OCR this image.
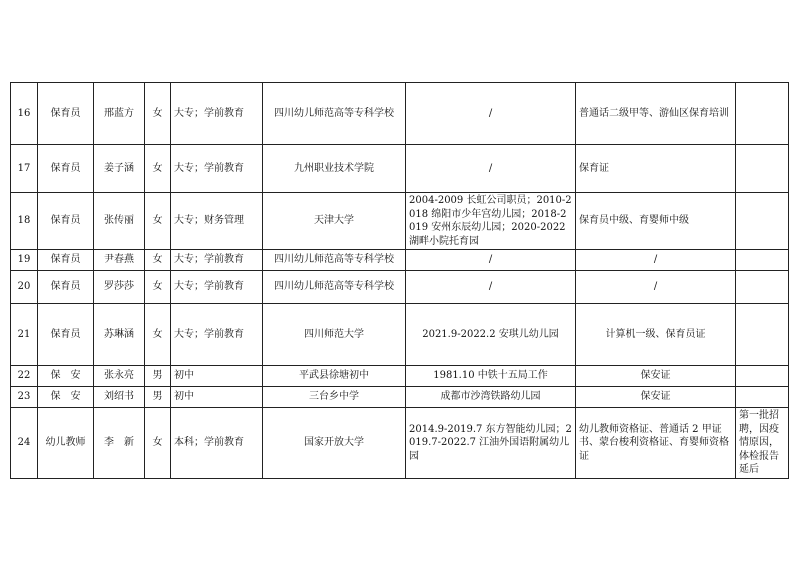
16	保育员	邢蓝方	女	大专；学前教育	四川幼儿师范高等专科学校	/	普通话二级甲等、游仙区保育培训	
17	保育员	姜子涵	女	大专；学前教育	九州职业技术学院	/	保育证	
18	保育员	张传丽	女	大专；财务管理	天津大学	2004-2009 长虹公司职员；2010-2018 绵阳市少年宫幼儿园；2018-2019 安州东辰幼儿园；2020-2022 湖畔小院托育园	保育员中级、育婴师中级	
19	保育员	尹春燕	女	大专；学前教育	四川幼儿师范高等专科学校	/	/	
20	保育员	罗莎莎	女	大专；学前教育	四川幼儿师范高等专科学校	/	/	
21	保育员	苏琳涵	女	大专；学前教育	四川师范大学	2021.9-2022.2 安琪儿幼儿园	计算机一级、保育员证	
22	保　安	张永亮	男	初中	平武县徐塘初中	1981.10 中铁十五局工作	保安证	
23	保　安	刘绍书	男	初中	三台乡中学	成都市沙湾铁路幼儿园	保安证	
24	幼儿教师	李　新	女	本科；学前教育	国家开放大学	2014.9-2019.7 东方智能幼儿园；2019.7-2022.7 江油外国语附属幼儿园	幼儿教师资格证、普通话 2 甲证书、蒙台梭利资格证、育婴师资格证	第一批招聘，因疫情原因，体检报告延后
